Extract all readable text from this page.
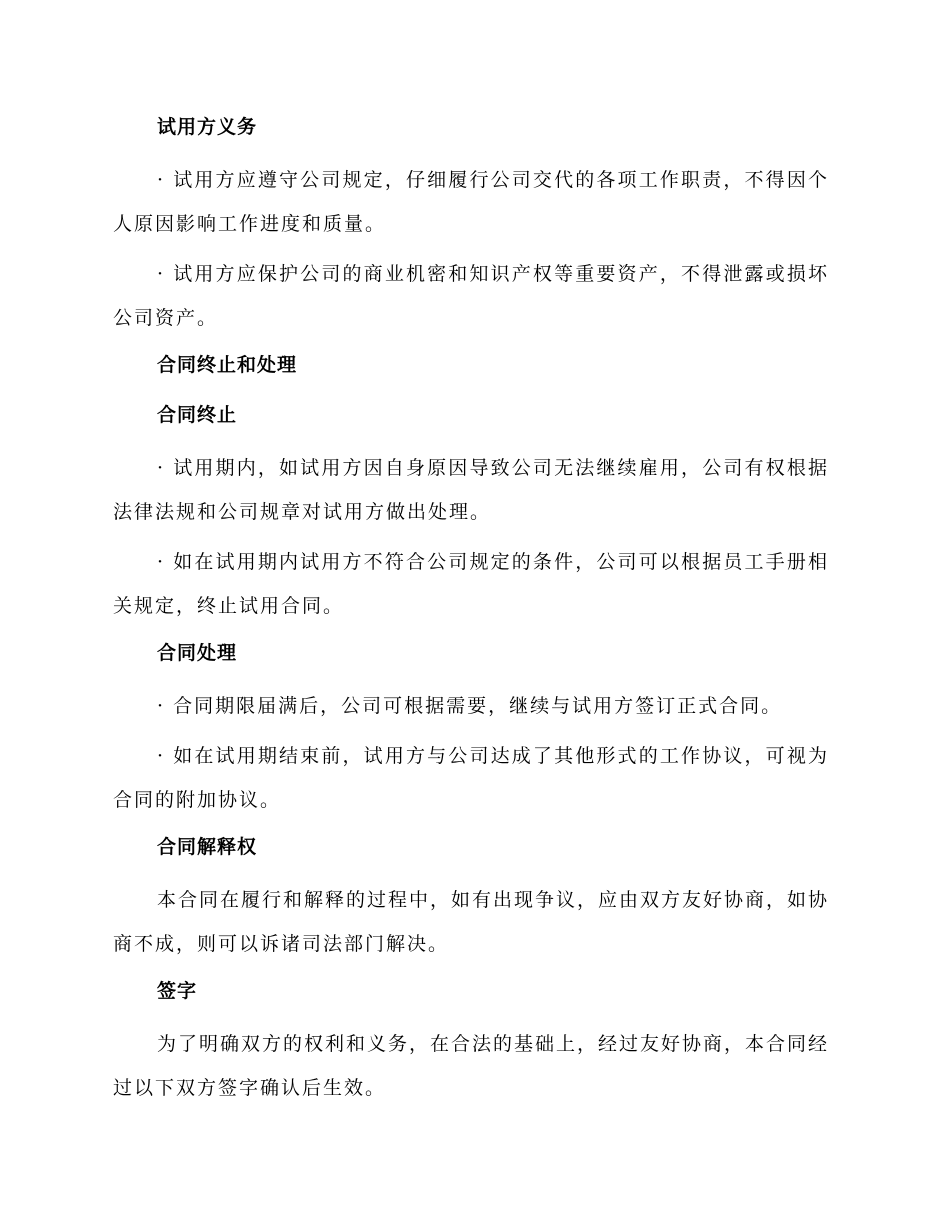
试用方义务

· 试用方应遵守公司规定，仔细履行公司交代的各项工作职责，不得因个人原因影响工作进度和质量。

· 试用方应保护公司的商业机密和知识产权等重要资产，不得泄露或损坏公司资产。

合同终止和处理
合同终止

· 试用期内，如试用方因自身原因导致公司无法继续雇用，公司有权根据法律法规和公司规章对试用方做出处理。

· 如在试用期内试用方不符合公司规定的条件，公司可以根据员工手册相关规定，终止试用合同。

合同处理

· 合同期限届满后，公司可根据需要，继续与试用方签订正式合同。

· 如在试用期结束前，试用方与公司达成了其他形式的工作协议，可视为合同的附加协议。

合同解释权

本合同在履行和解释的过程中，如有出现争议，应由双方友好协商，如协商不成，则可以诉诸司法部门解决。

签字

为了明确双方的权利和义务，在合法的基础上，经过友好协商，本合同经过以下双方签字确认后生效。
